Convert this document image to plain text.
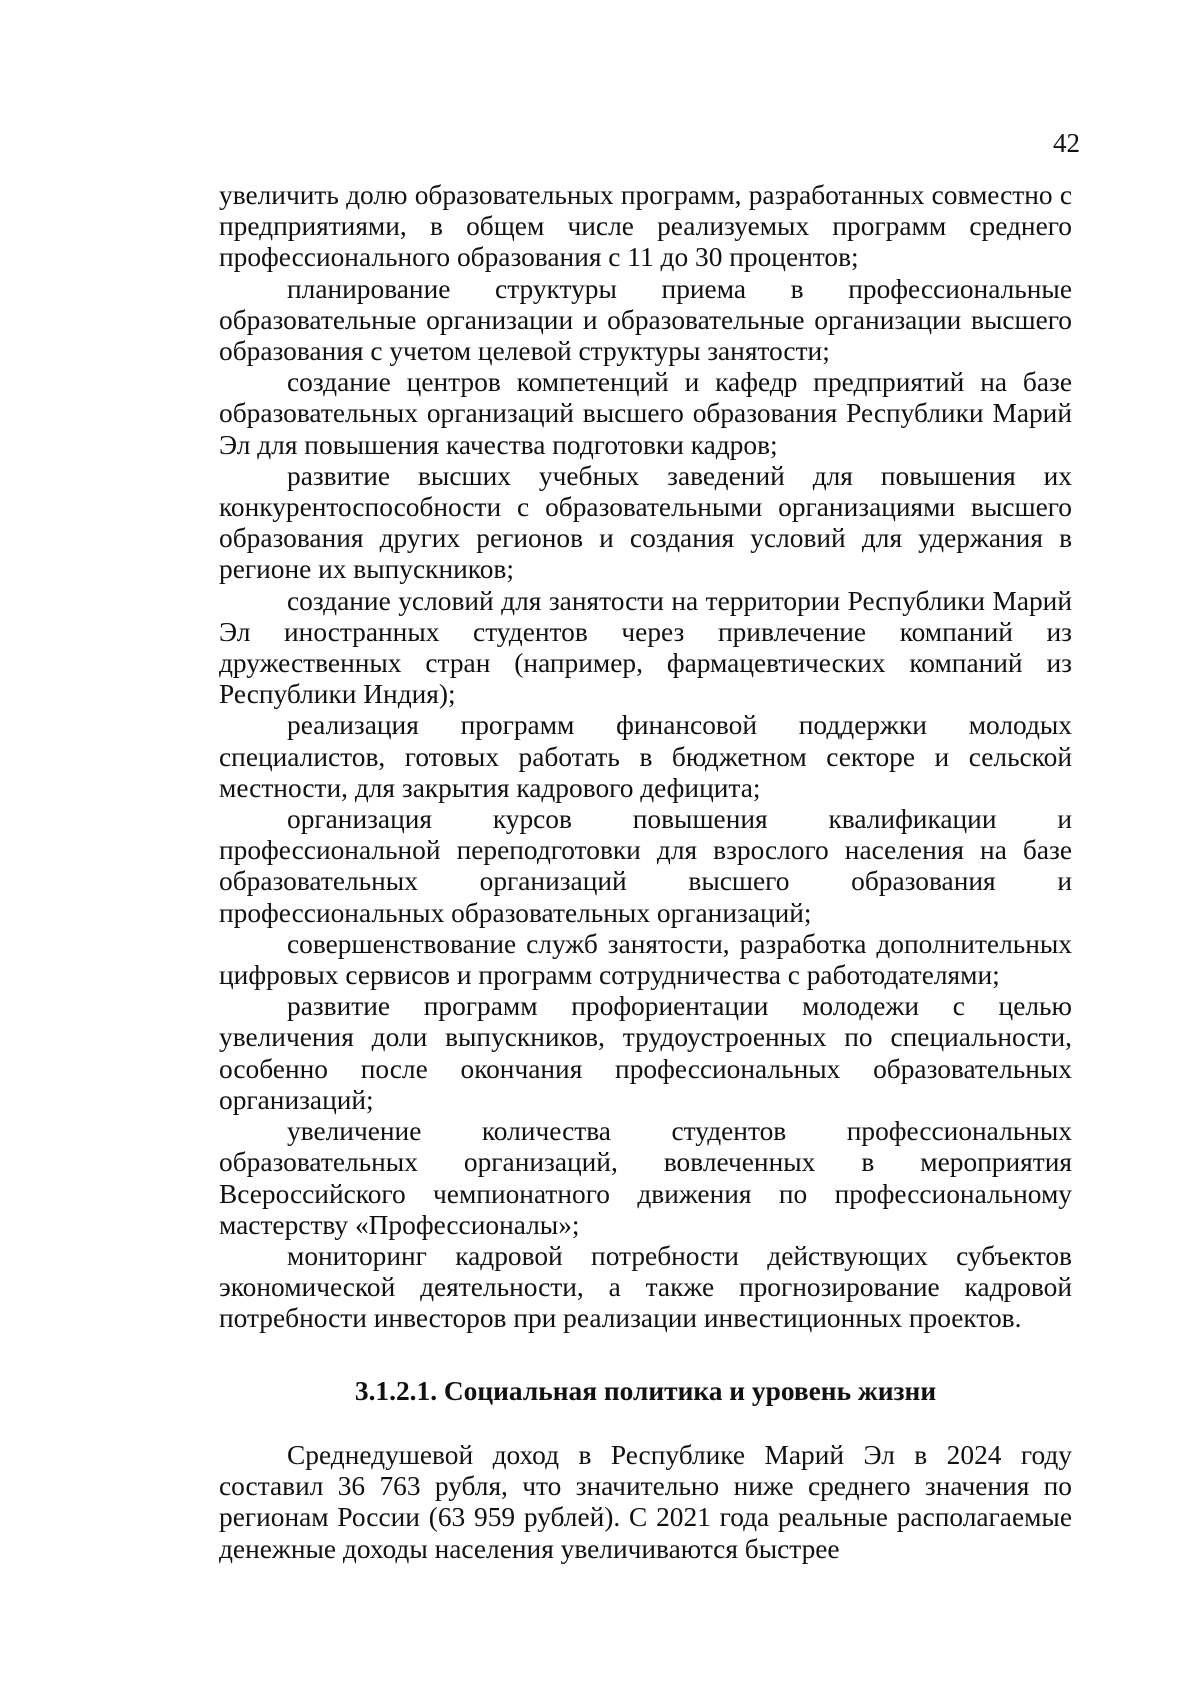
42

увеличить долю образовательных программ, разработанных совместно с предприятиями, в общем числе реализуемых программ среднего профессионального образования с 11 до 30 процентов;

планирование структуры приема в профессиональные образовательные организации и образовательные организации высшего образования с учетом целевой структуры занятости;

создание центров компетенций и кафедр предприятий на базе образовательных организаций высшего образования Республики Марий Эл для повышения качества подготовки кадров;

развитие высших учебных заведений для повышения их конкурентоспособности с образовательными организациями высшего образования других регионов и создания условий для удержания в регионе их выпускников;

создание условий для занятости на территории Республики Марий Эл иностранных студентов через привлечение компаний из дружественных стран (например, фармацевтических компаний из Республики Индия);

реализация программ финансовой поддержки молодых специалистов, готовых работать в бюджетном секторе и сельской местности, для закрытия кадрового дефицита;

организация курсов повышения квалификации и профессиональной переподготовки для взрослого населения на базе образовательных организаций высшего образования и профессиональных образовательных организаций;

совершенствование служб занятости, разработка дополнительных цифровых сервисов и программ сотрудничества с работодателями;

развитие программ профориентации молодежи с целью увеличения доли выпускников, трудоустроенных по специальности, особенно после окончания профессиональных образовательных организаций;

увеличение количества студентов профессиональных образовательных организаций, вовлеченных в мероприятия Всероссийского чемпионатного движения по профессиональному мастерству «Профессионалы»;

мониторинг кадровой потребности действующих субъектов экономической деятельности, а также прогнозирование кадровой потребности инвесторов при реализации инвестиционных проектов.

3.1.2.1. Социальная политика и уровень жизни

Среднедушевой доход в Республике Марий Эл в 2024 году составил 36 763 рубля, что значительно ниже среднего значения по регионам России (63 959 рублей). С 2021 года реальные располагаемые денежные доходы населения увеличиваются быстрее
